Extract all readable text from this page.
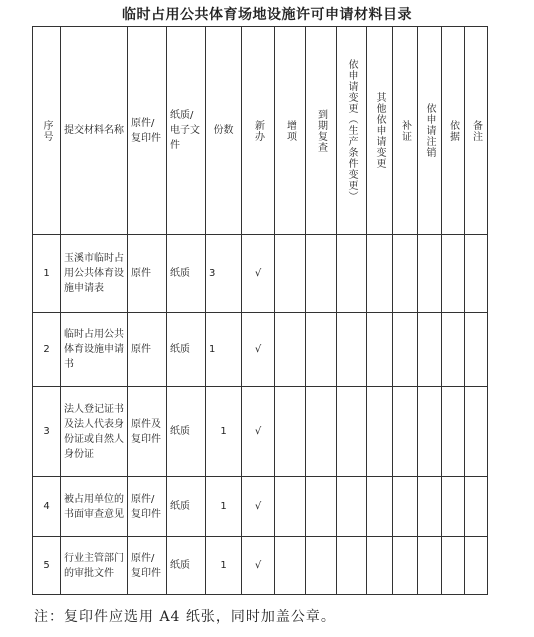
临时占用公共体育场地设施许可申请材料目录
序号	提交材料名称	原件/复印件	纸质/电子文件	份数	新办	增项	到期复查	依申请变更（生产条件变更）	其他依申请变更	补证	依申请注销	依据	备注

1	玉溪市临时占用公共体育设施申请表	原件	纸质	3	√								
2	临时占用公共体育设施申请书	原件	纸质	1	√								
3	法人登记证书及法人代表身份证或自然人身份证	原件及复印件	纸质	1	√								
4	被占用单位的书面审查意见	原件/复印件	纸质	1	√								
5	行业主管部门的审批文件	原件/复印件	纸质	1	√								
注：复印件应选用 A4 纸张，同时加盖公章。
